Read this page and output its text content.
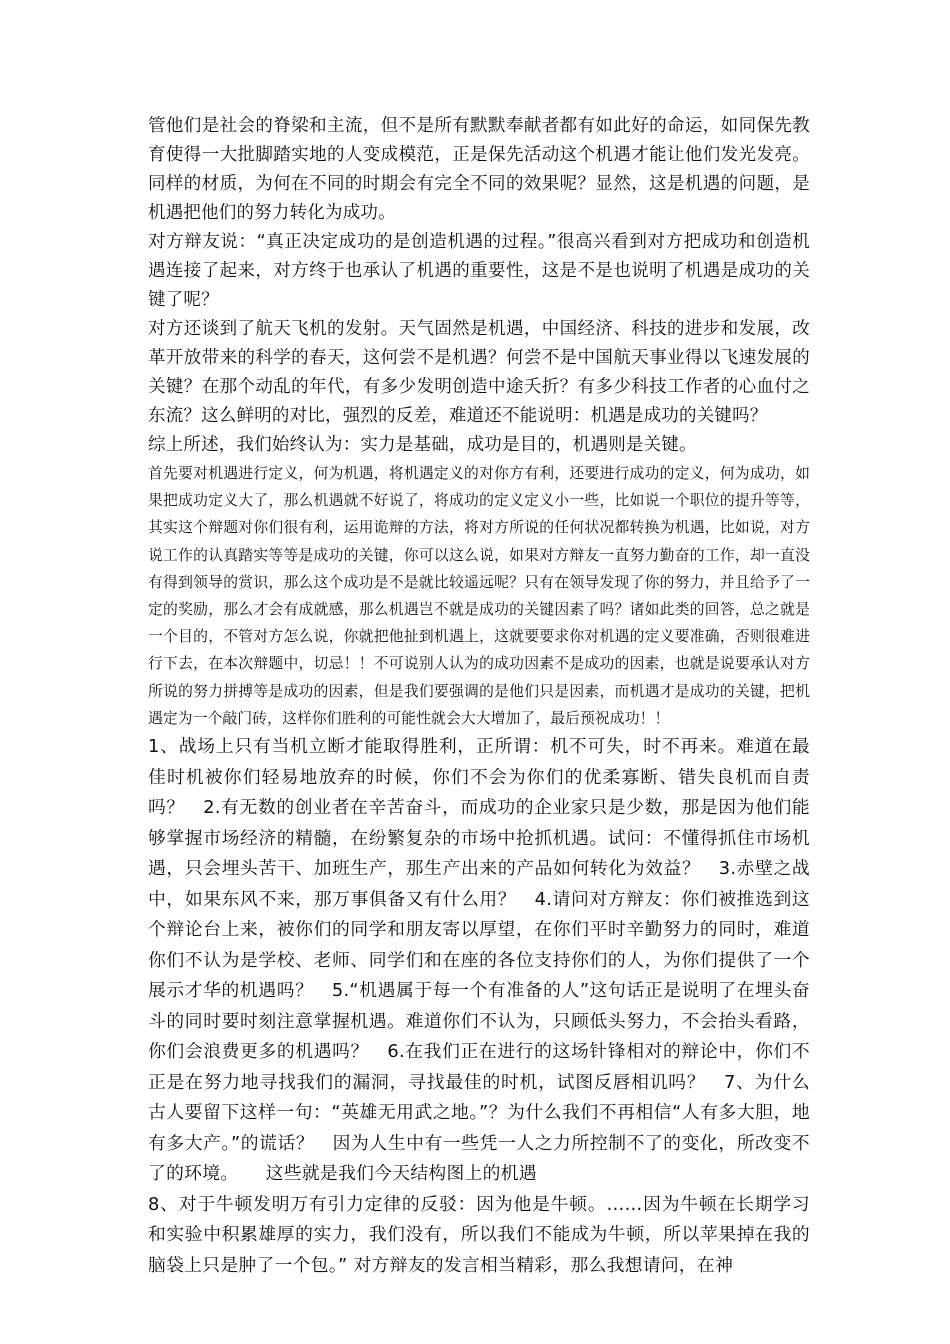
管他们是社会的脊梁和主流，但不是所有默默奉献者都有如此好的命运，如同保先教育使得一大批脚踏实地的人变成模范，正是保先活动这个机遇才能让他们发光发亮。同样的材质，为何在不同的时期会有完全不同的效果呢？显然，这是机遇的问题，是机遇把他们的努力转化为成功。

对方辩友说：“真正决定成功的是创造机遇的过程。”很高兴看到对方把成功和创造机遇连接了起来，对方终于也承认了机遇的重要性，这是不是也说明了机遇是成功的关键了呢？

对方还谈到了航天飞机的发射。天气固然是机遇，中国经济、科技的进步和发展，改革开放带来的科学的春天，这何尝不是机遇？何尝不是中国航天事业得以飞速发展的关键？在那个动乱的年代，有多少发明创造中途夭折？有多少科技工作者的心血付之东流？这么鲜明的对比，强烈的反差，难道还不能说明：机遇是成功的关键吗？

综上所述，我们始终认为：实力是基础，成功是目的，机遇则是关键。

首先要对机遇进行定义，何为机遇，将机遇定义的对你方有利，还要进行成功的定义，何为成功，如果把成功定义大了，那么机遇就不好说了，将成功的定义定义小一些，比如说一个职位的提升等等，其实这个辩题对你们很有利，运用诡辩的方法，将对方所说的任何状况都转换为机遇，比如说，对方说工作的认真踏实等等是成功的关键，你可以这么说，如果对方辩友一直努力勤奋的工作，却一直没有得到领导的赏识，那么这个成功是不是就比较遥远呢？只有在领导发现了你的努力，并且给予了一定的奖励，那么才会有成就感，那么机遇岂不就是成功的关键因素了吗？诸如此类的回答，总之就是一个目的，不管对方怎么说，你就把他扯到机遇上，这就要要求你对机遇的定义要准确，否则很难进行下去，在本次辩题中，切忌！！不可说别人认为的成功因素不是成功的因素，也就是说要承认对方所说的努力拼搏等是成功的因素，但是我们要强调的是他们只是因素，而机遇才是成功的关键，把机遇定为一个敲门砖，这样你们胜利的可能性就会大大增加了，最后预祝成功！！

1、战场上只有当机立断才能取得胜利，正所谓：机不可失，时不再来。难道在最佳时机被你们轻易地放弃的时候，你们不会为你们的优柔寡断、错失良机而自责吗？　2.有无数的创业者在辛苦奋斗，而成功的企业家只是少数，那是因为他们能够掌握市场经济的精髓，在纷繁复杂的市场中抢抓机遇。试问：不懂得抓住市场机遇，只会埋头苦干、加班生产，那生产出来的产品如何转化为效益？　3.赤壁之战中，如果东风不来，那万事俱备又有什么用？　4.请问对方辩友：你们被推选到这个辩论台上来，被你们的同学和朋友寄以厚望，在你们平时辛勤努力的同时，难道你们不认为是学校、老师、同学们和在座的各位支持你们的人，为你们提供了一个展示才华的机遇吗？　5.“机遇属于每一个有准备的人”这句话正是说明了在埋头奋斗的同时要时刻注意掌握机遇。难道你们不认为，只顾低头努力，不会抬头看路，你们会浪费更多的机遇吗？　6.在我们正在进行的这场针锋相对的辩论中，你们不正是在努力地寻找我们的漏洞，寻找最佳的时机，试图反唇相讥吗？　7、为什么古人要留下这样一句：“英雄无用武之地。”？为什么我们不再相信“人有多大胆，地有多大产。”的谎话？　因为人生中有一些凭一人之力所控制不了的变化，所改变不了的环境。　　这些就是我们今天结构图上的机遇

8、对于牛顿发明万有引力定律的反驳：因为他是牛顿。……因为牛顿在长期学习和实验中积累雄厚的实力，我们没有，所以我们不能成为牛顿，所以苹果掉在我的脑袋上只是肿了一个包。” 对方辩友的发言相当精彩，那么我想请问，在神
